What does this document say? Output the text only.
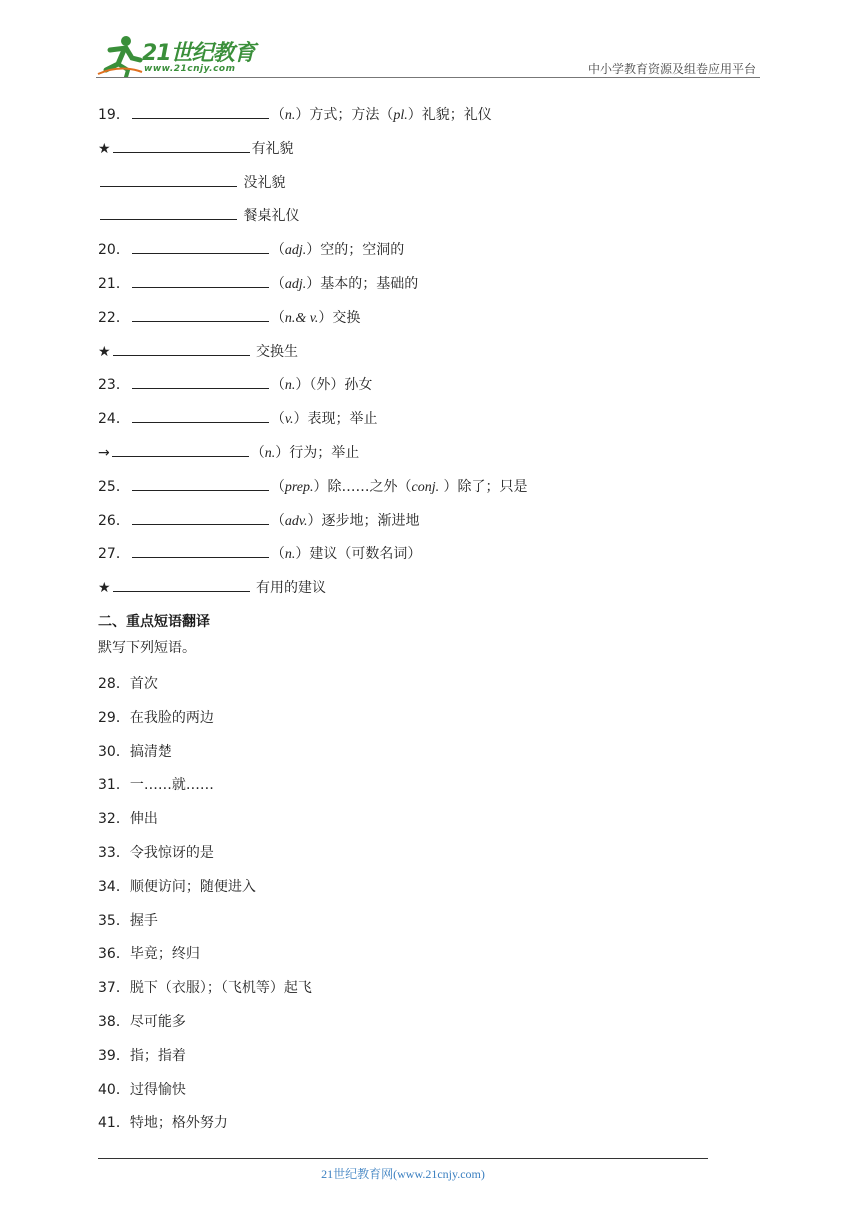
21世纪教育
www.21cnjy.com	中小学教育资源及组卷应用平台
19．	（n.）方式；方法（pl.）礼貌；礼仪
★	有礼貌
没礼貌
餐桌礼仪
20．	（adj.）空的；空洞的
21．	（adj.）基本的；基础的
22．	（n.& v.）交换
★	交换生
23．	（n.）（外）孙女
24．	（v.）表现；举止
→	（n.）行为；举止
25．	（prep.）除……之外（conj. ）除了；只是
26．	（adv.）逐步地；渐进地
27．	（n.）建议（可数名词）
★	有用的建议
二、重点短语翻译
默写下列短语。
28．首次
29．在我脸的两边
30．搞清楚
31．一……就……
32．伸出
33．令我惊讶的是
34．顺便访问；随便进入
35．握手
36．毕竟；终归
37．脱下（衣服）；（飞机等）起飞
38．尽可能多
39．指；指着
40．过得愉快
41．特地；格外努力
21世纪教育网(www.21cnjy.com)
